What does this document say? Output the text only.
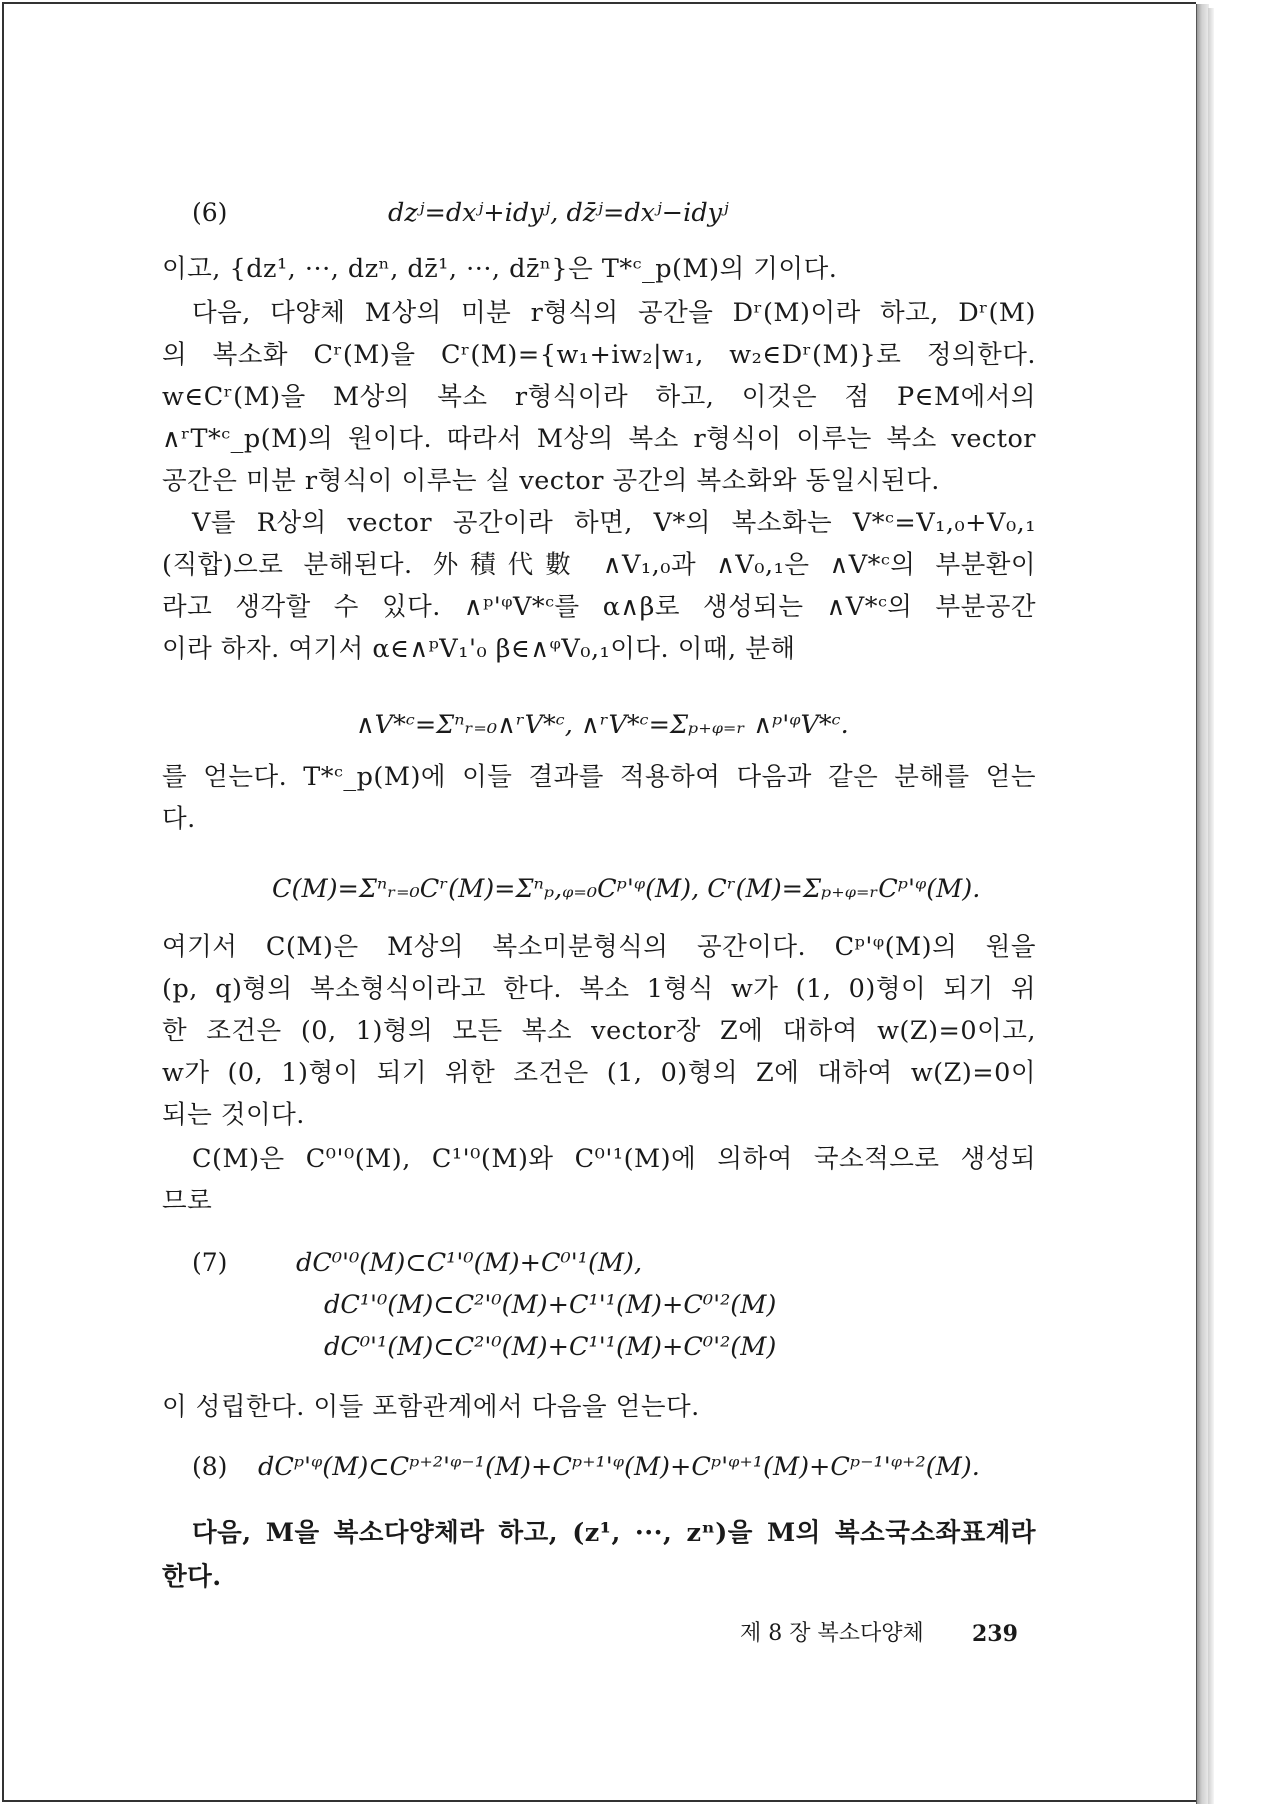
(6)	dzʲ=dxʲ+idyʲ, dz̄ʲ=dxʲ−idyʲ

이고, {dz¹, ···, dzⁿ, dz̄¹, ···, dz̄ⁿ}은 T*ᶜ_p(M)의 기이다.

다음, 다양체 M상의 미분 r형식의 공간을 Dʳ(M)이라 하고, Dʳ(M)

의 복소화 Cʳ(M)을 Cʳ(M)={w₁+iw₂|w₁, w₂∈Dʳ(M)}로 정의한다.

w∈Cʳ(M)을 M상의 복소 r형식이라 하고, 이것은 점 P∈M에서의

∧ʳT*ᶜ_p(M)의 원이다. 따라서 M상의 복소 r형식이 이루는 복소 vector

공간은 미분 r형식이 이루는 실 vector 공간의 복소화와 동일시된다.

V를 R상의 vector 공간이라 하면, V*의 복소화는 V*ᶜ=V₁,₀+V₀,₁

(직합)으로 분해된다. 外積代數 ∧V₁,₀과 ∧V₀,₁은 ∧V*ᶜ의 부분환이

라고 생각할 수 있다. ∧ᵖ'ᵠV*ᶜ를 α∧β로 생성되는 ∧V*ᶜ의 부분공간

이라 하자. 여기서 α∈∧ᵖV₁'₀ β∈∧ᵠV₀,₁이다. 이때, 분해

∧V*ᶜ=Σⁿᵣ₌₀∧ʳV*ᶜ, ∧ʳV*ᶜ=Σₚ₊ᵩ₌ᵣ ∧ᵖ'ᵠV*ᶜ.

를 얻는다. T*ᶜ_p(M)에 이들 결과를 적용하여 다음과 같은 분해를 얻는

다.

C(M)=Σⁿᵣ₌₀Cʳ(M)=Σⁿₚ,ᵩ₌₀Cᵖ'ᵠ(M), Cʳ(M)=Σₚ₊ᵩ₌ᵣCᵖ'ᵠ(M).

여기서 C(M)은 M상의 복소미분형식의 공간이다. Cᵖ'ᵠ(M)의 원을

(p, q)형의 복소형식이라고 한다. 복소 1형식 w가 (1, 0)형이 되기 위

한 조건은 (0, 1)형의 모든 복소 vector장 Z에 대하여 w(Z)=0이고,

w가 (0, 1)형이 되기 위한 조건은 (1, 0)형의 Z에 대하여 w(Z)=0이

되는 것이다.

C(M)은 C⁰'⁰(M), C¹'⁰(M)와 C⁰'¹(M)에 의하여 국소적으로 생성되

므로

(7)	dC⁰'⁰(M)⊂C¹'⁰(M)+C⁰'¹(M),

dC¹'⁰(M)⊂C²'⁰(M)+C¹'¹(M)+C⁰'²(M)

dC⁰'¹(M)⊂C²'⁰(M)+C¹'¹(M)+C⁰'²(M)

이 성립한다. 이들 포함관계에서 다음을 얻는다.

(8) dCᵖ'ᵠ(M)⊂Cᵖ⁺²'ᵠ⁻¹(M)+Cᵖ⁺¹'ᵠ(M)+Cᵖ'ᵠ⁺¹(M)+Cᵖ⁻¹'ᵠ⁺²(M).

다음, M을 복소다양체라 하고, (z¹, ···, zⁿ)을 M의 복소국소좌표계라

한다.

제 8 장 복소다양체 239
